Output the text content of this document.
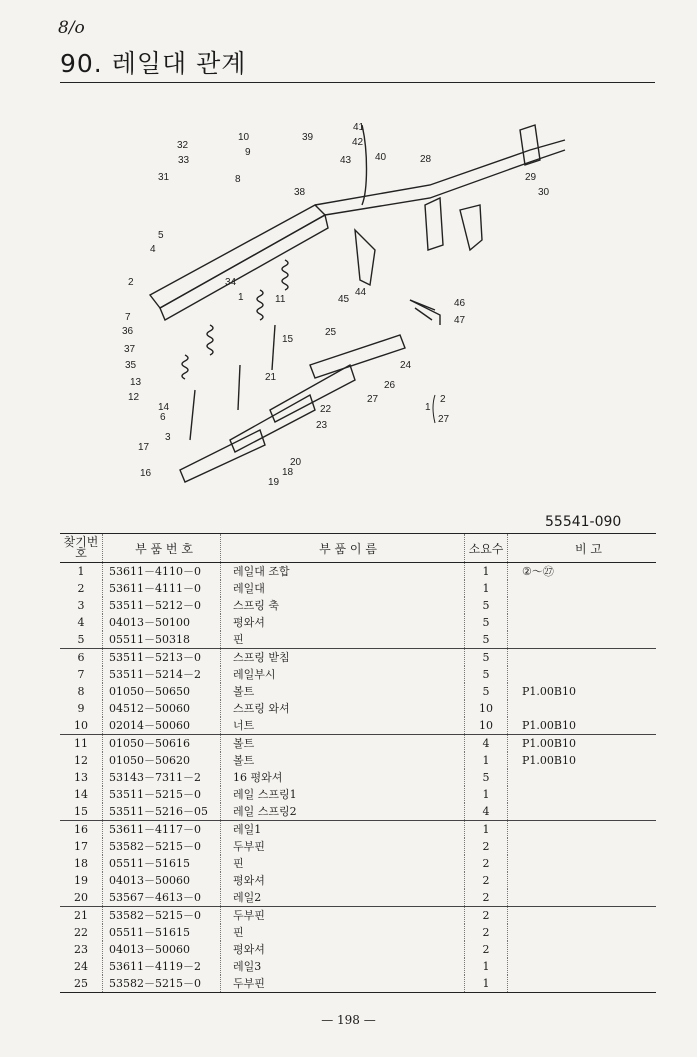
8/o
90. 레일대 관계
1
2
3
4
5
6
7
8
9
10
11
12
13
14
15
16
17
18
19
20
21
22
23
24
25
26
27
28
29
30
31
32
33
34
35
36
37
38
39
40
41
42
43
44
45	46
47
1
2
27
55541-090
찾기번호	부 품 번 호	부 품 이 름	소요수	비 고
1	53611－4110－0	레일대 조합	1	②～㉗
2	53611－4111－0	레일대	1	
3	53511－5212－0	스프링 축	5	
4	04013－50100	평와셔	5	
5	05511－50318	핀	5	
6	53511－5213－0	스프링 받침	5	
7	53511－5214－2	레일부시	5	
8	01050－50650	볼트	5	P1.00B10
9	04512－50060	스프링 와셔	10	
10	02014－50060	너트	10	P1.00B10
11	01050－50616	볼트	4	P1.00B10
12	01050－50620	볼트	1	P1.00B10
13	53143－7311－2	16 평와셔	5	
14	53511－5215－0	레일 스프링1	1	
15	53511－5216－05	레일 스프링2	4	
16	53611－4117－0	레일1	1	
17	53582－5215－0	두부핀	2	
18	05511－51615	핀	2	
19	04013－50060	평와셔	2	
20	53567－4613－0	레일2	2	
21	53582－5215－0	두부핀	2	
22	05511－51615	핀	2	
23	04013－50060	평와셔	2	
24	53611－4119－2	레일3	1	
25	53582－5215－0	두부핀	1	
— 198 —
